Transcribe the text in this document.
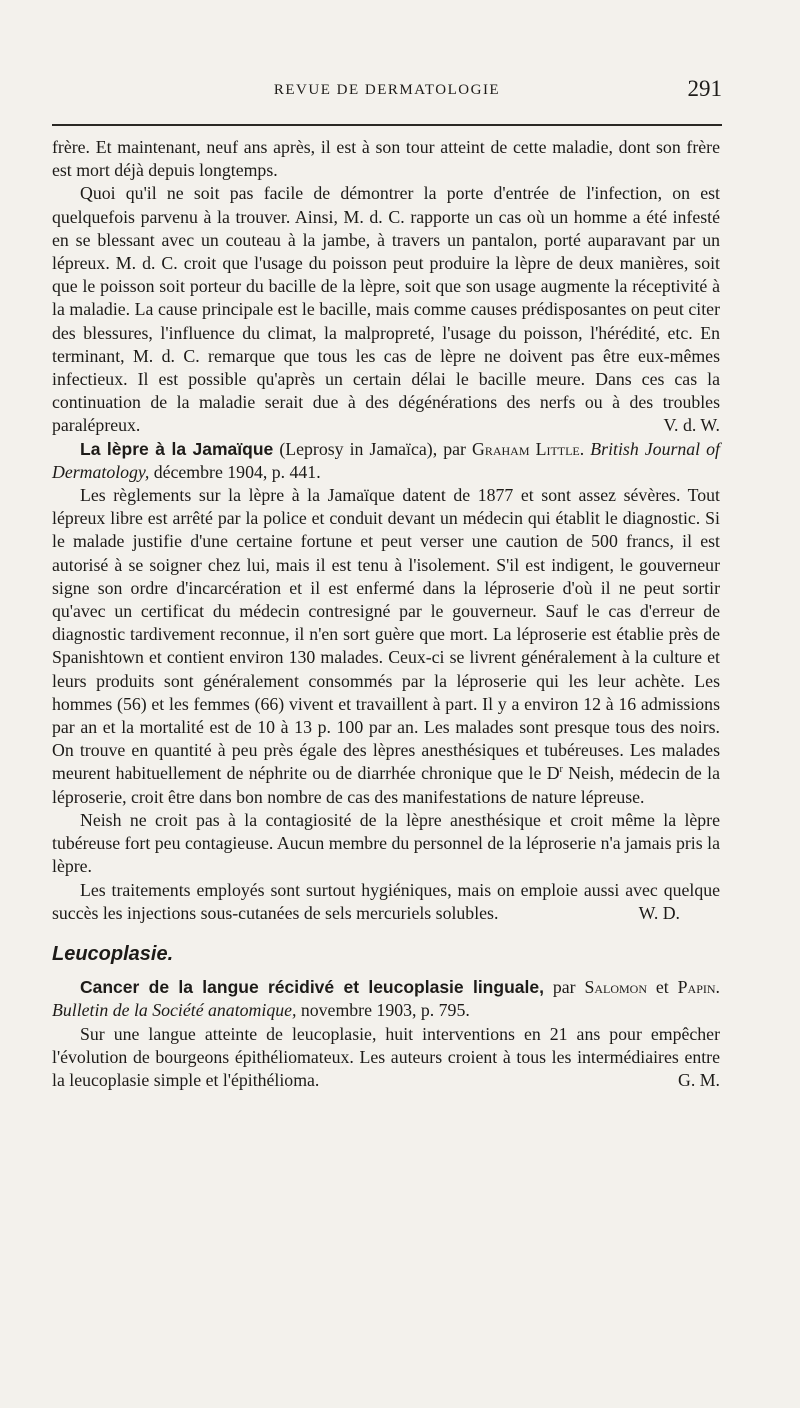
REVUE DE DERMATOLOGIE	291

frère. Et maintenant, neuf ans après, il est à son tour atteint de cette maladie, dont son frère est mort déjà depuis longtemps.

Quoi qu'il ne soit pas facile de démontrer la porte d'entrée de l'infection, on est quelquefois parvenu à la trouver. Ainsi, M. d. C. rapporte un cas où un homme a été infesté en se blessant avec un couteau à la jambe, à travers un pantalon, porté auparavant par un lépreux. M. d. C. croit que l'usage du poisson peut produire la lèpre de deux manières, soit que le poisson soit porteur du bacille de la lèpre, soit que son usage augmente la réceptivité à la maladie. La cause principale est le bacille, mais comme causes prédisposantes on peut citer des blessures, l'influence du climat, la malpropreté, l'usage du poisson, l'hérédité, etc. En terminant, M. d. C. remarque que tous les cas de lèpre ne doivent pas être eux-mêmes infectieux. Il est possible qu'après un certain délai le bacille meure. Dans ces cas la continuation de la maladie serait due à des dégénérations des nerfs ou à des troubles paralépreux.	V. d. W.

La lèpre à la Jamaïque (Leprosy in Jamaïca), par Graham Little. British Journal of Dermatology, décembre 1904, p. 441.

Les règlements sur la lèpre à la Jamaïque datent de 1877 et sont assez sévères. Tout lépreux libre est arrêté par la police et conduit devant un médecin qui établit le diagnostic. Si le malade justifie d'une certaine fortune et peut verser une caution de 500 francs, il est autorisé à se soigner chez lui, mais il est tenu à l'isolement. S'il est indigent, le gouverneur signe son ordre d'incarcération et il est enfermé dans la léproserie d'où il ne peut sortir qu'avec un certificat du médecin contresigné par le gouverneur. Sauf le cas d'erreur de diagnostic tardivement reconnue, il n'en sort guère que mort. La léproserie est établie près de Spanishtown et contient environ 130 malades. Ceux-ci se livrent généralement à la culture et leurs produits sont généralement consommés par la léproserie qui les leur achète. Les hommes (56) et les femmes (66) vivent et travaillent à part. Il y a environ 12 à 16 admissions par an et la mortalité est de 10 à 13 p. 100 par an. Les malades sont presque tous des noirs. On trouve en quantité à peu près égale des lèpres anesthésiques et tubéreuses. Les malades meurent habituellement de néphrite ou de diarrhée chronique que le $D^r$ Neish, médecin de la léproserie, croit être dans bon nombre de cas des manifestations de nature lépreuse.

Neish ne croit pas à la contagiosité de la lèpre anesthésique et croit même la lèpre tubéreuse fort peu contagieuse. Aucun membre du personnel de la léproserie n'a jamais pris la lèpre.

Les traitements employés sont surtout hygiéniques, mais on emploie aussi avec quelque succès les injections sous-cutanées de sels mercuriels solubles.	W. D.

Leucoplasie.

Cancer de la langue récidivé et leucoplasie linguale, par Salomon et Papin. Bulletin de la Société anatomique, novembre 1903, p. 795.

Sur une langue atteinte de leucoplasie, huit interventions en 21 ans pour empêcher l'évolution de bourgeons épithéliomateux. Les auteurs croient à tous les intermédiaires entre la leucoplasie simple et l'épithélioma.	G. M.
